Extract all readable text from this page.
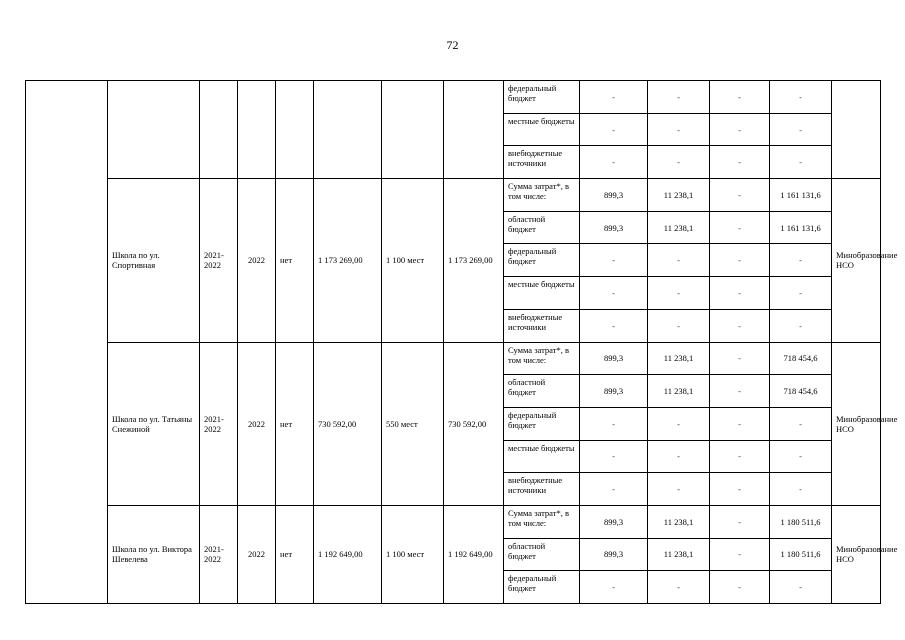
72
								федеральный бюджет	-	-	-	-	
								местные бюджеты	-	-	-	-	
								внебюджетные источники	-	-	-	-	
	Школа по ул. Спортивная	2021-2022	2022	нет	1 173 269,00	1 100 мест	1 173 269,00	Сумма затрат*, в том числе:	899,3	11 238,1	-	1 161 131,6	Минобразование НСО
								областной бюджет	899,3	11 238,1	-	1 161 131,6	
								федеральный бюджет	-	-	-	-	
								местные бюджеты	-	-	-	-	
								внебюджетные источники	-	-	-	-	
	Школа по ул. Татьяны Снежиной	2021-2022	2022	нет	730 592,00	550 мест	730 592,00	Сумма затрат*, в том числе:	899,3	11 238,1	-	718 454,6	Минобразование НСО
								областной бюджет	899,3	11 238,1	-	718 454,6	
								федеральный бюджет	-	-	-	-	
								местные бюджеты	-	-	-	-	
								внебюджетные источники	-	-	-	-	
	Школа по ул. Виктора Шевелева	2021-2022	2022	нет	1 192 649,00	1 100 мест	1 192 649,00	Сумма затрат*, в том числе:	899,3	11 238,1	-	1 180 511,6	Минобразование НСО
								областной бюджет	899,3	11 238,1	-	1 180 511,6	
								федеральный бюджет	-	-	-	-	
